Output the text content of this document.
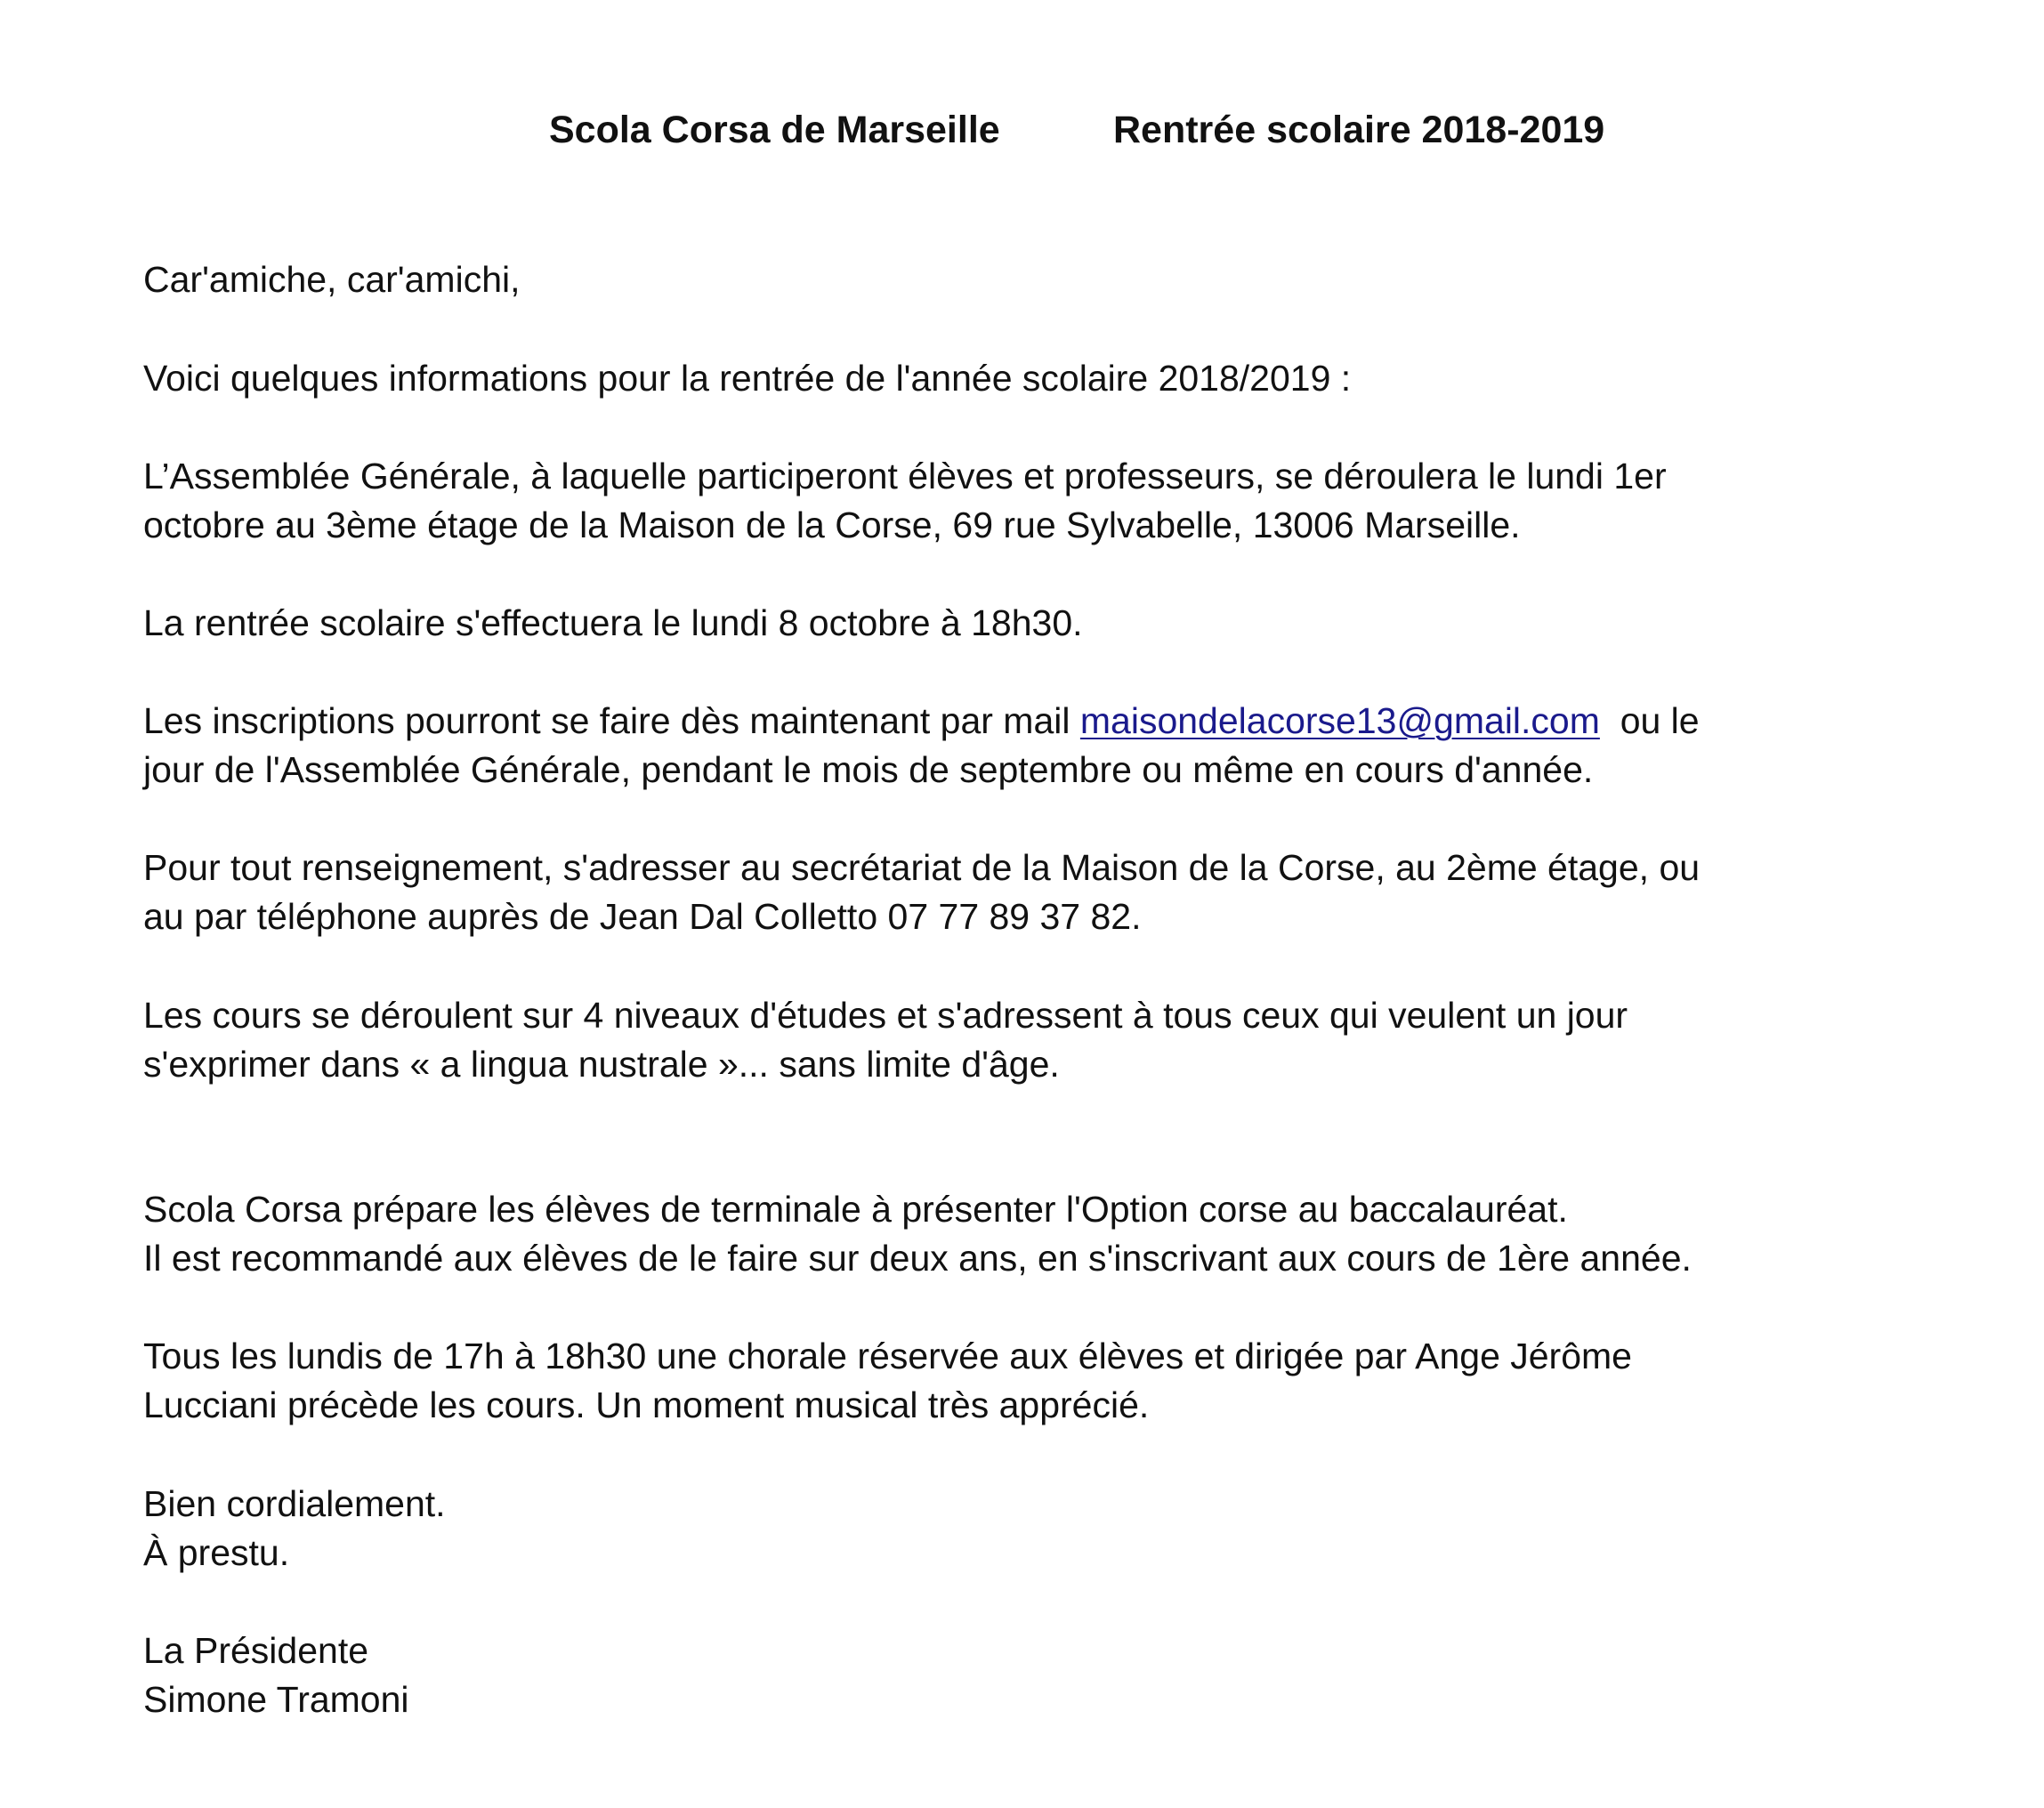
Scola Corsa de Marseille	Rentrée scolaire 2018-2019

Car'amiche, car'amichi,

Voici quelques informations pour la rentrée de l'année scolaire 2018/2019 :

L’Assemblée Générale, à laquelle participeront élèves et professeurs, se déroulera le lundi 1er

octobre au 3ème étage de la Maison de la Corse, 69 rue Sylvabelle, 13006 Marseille.

La rentrée scolaire s'effectuera le lundi 8 octobre à 18h30.

Les inscriptions pourront se faire dès maintenant par mail maisondelacorse13@gmail.com ou le

jour de l'Assemblée Générale, pendant le mois de septembre ou même en cours d'année.

Pour tout renseignement, s'adresser au secrétariat de la Maison de la Corse, au 2ème étage, ou

au par téléphone auprès de Jean Dal Colletto 07 77 89 37 82.

Les cours se déroulent sur 4 niveaux d'études et s'adressent à tous ceux qui veulent un jour

s'exprimer dans « a lingua nustrale »... sans limite d'âge.

Scola Corsa prépare les élèves de terminale à présenter l'Option corse au baccalauréat.

Il est recommandé aux élèves de le faire sur deux ans, en s'inscrivant aux cours de 1ère année.

Tous les lundis de 17h à 18h30 une chorale réservée aux élèves et dirigée par Ange Jérôme

Lucciani précède les cours. Un moment musical très apprécié.

Bien cordialement.

À prestu.

La Présidente

Simone Tramoni
